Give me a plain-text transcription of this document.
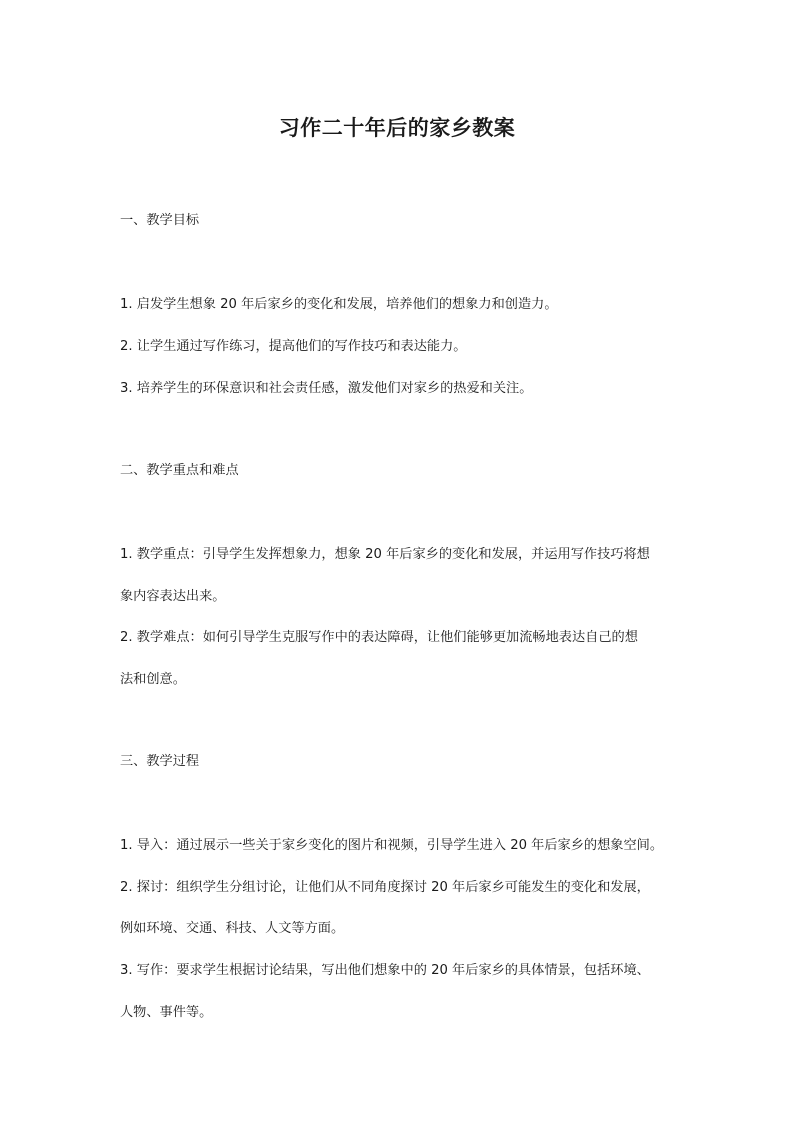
习作二十年后的家乡教案

一、教学目标

1. 启发学生想象 20 年后家乡的变化和发展，培养他们的想象力和创造力。

2. 让学生通过写作练习，提高他们的写作技巧和表达能力。

3. 培养学生的环保意识和社会责任感，激发他们对家乡的热爱和关注。

二、教学重点和难点

1. 教学重点：引导学生发挥想象力，想象 20 年后家乡的变化和发展，并运用写作技巧将想

象内容表达出来。

2. 教学难点：如何引导学生克服写作中的表达障碍，让他们能够更加流畅地表达自己的想

法和创意。

三、教学过程

1. 导入：通过展示一些关于家乡变化的图片和视频，引导学生进入 20 年后家乡的想象空间。

2. 探讨：组织学生分组讨论，让他们从不同角度探讨 20 年后家乡可能发生的变化和发展，

例如环境、交通、科技、人文等方面。

3. 写作：要求学生根据讨论结果，写出他们想象中的 20 年后家乡的具体情景，包括环境、

人物、事件等。
